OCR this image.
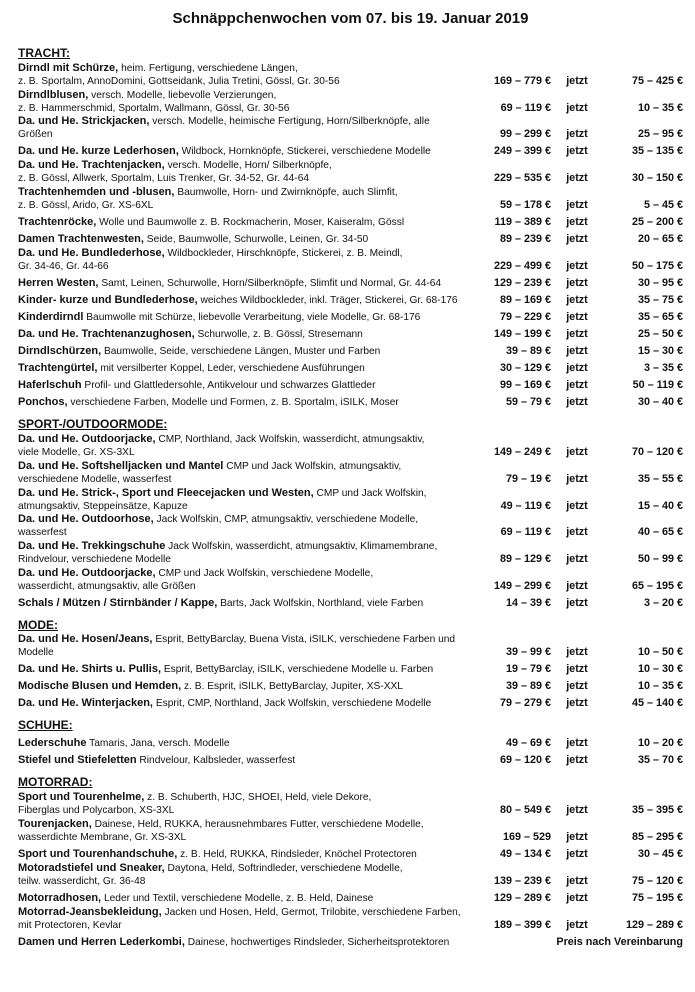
Schnäppchenwochen vom 07. bis 19. Januar 2019
TRACHT:
Dirndl mit Schürze, heim. Fertigung, verschiedene Längen,
z. B. Sportalm, AnnoDomini, Gottseidank, Julia Tretini, Gössl, Gr. 30-56	169 – 779 €	jetzt	75 – 425 €
Dirndlblusen, versch. Modelle, liebevolle Verzierungen,
z. B. Hammerschmid, Sportalm, Wallmann, Gössl, Gr. 30-56	69 – 119 €	jetzt	10 – 35 €
Da. und He. Strickjacken, versch. Modelle, heimische Fertigung, Horn/Silberknöpfe, alle Größen	99 – 299 €	jetzt	25 – 95 €
Da. und He. kurze Lederhosen, Wildbock, Hornknöpfe, Stickerei, verschiedene Modelle	249 – 399 €	jetzt	35 – 135 €
Da. und He. Trachtenjacken, versch. Modelle, Horn/ Silberknöpfe,
z. B. Gössl, Allwerk, Sportalm, Luis Trenker, Gr. 34-52, Gr. 44-64	229 – 535 €	jetzt	30 – 150 €
Trachtenhemden und -blusen, Baumwolle, Horn- und Zwirnknöpfe, auch Slimfit,
z. B. Gössl, Arido, Gr. XS-6XL	59 – 178 €	jetzt	5 – 45 €
Trachtenröcke, Wolle und Baumwolle z. B. Rockmacherin, Moser, Kaiseralm, Gössl	119 – 389 €	jetzt	25 – 200 €
Damen Trachtenwesten, Seide, Baumwolle, Schurwolle, Leinen, Gr. 34-50	89 – 239 €	jetzt	20 – 65 €
Da. und He. Bundlederhose, Wildbockleder, Hirschknöpfe, Stickerei, z. B. Meindl,
Gr. 34-46, Gr. 44-66	229 – 499 €	jetzt	50 – 175 €
Herren Westen, Samt, Leinen, Schurwolle, Horn/Silberknöpfe, Slimfit und Normal, Gr. 44-64	129 – 239 €	jetzt	30 – 95 €
Kinder- kurze und Bundlederhose, weiches Wildbockleder, inkl. Träger, Stickerei, Gr. 68-176	89 – 169 €	jetzt	35 – 75 €
Kinderdirndl Baumwolle mit Schürze, liebevolle Verarbeitung, viele Modelle, Gr. 68-176	79 – 229 €	jetzt	35 – 65 €
Da. und He. Trachtenanzughosen, Schurwolle, z. B. Gössl, Stresemann	149 – 199 €	jetzt	25 – 50 €
Dirndlschürzen, Baumwolle, Seide, verschiedene Längen, Muster und Farben	39 – 89 €	jetzt	15 – 30 €
Trachtengürtel, mit versilberter Koppel, Leder, verschiedene Ausführungen	30 – 129 €	jetzt	3 – 35 €
Haferlschuh Profil- und Glattledersohle, Antikvelour und schwarzes Glattleder	99 – 169 €	jetzt	50 – 119 €
Ponchos, verschiedene Farben, Modelle und Formen, z. B. Sportalm, iSILK, Moser	59 – 79 €	jetzt	30 – 40 €
SPORT-/OUTDOORMODE:
Da. und He. Outdoorjacke, CMP, Northland, Jack Wolfskin, wasserdicht, atmungsaktiv,
viele Modelle, Gr. XS-3XL	149 – 249 €	jetzt	70 – 120 €
Da. und He. Softshelljacken und Mantel CMP und Jack Wolfskin, atmungsaktiv,
verschiedene Modelle, wasserfest	79 – 19 €	jetzt	35 – 55 €
Da. und He. Strick-, Sport und Fleecejacken und Westen, CMP und Jack Wolfskin,
atmungsaktiv, Steppeinsätze, Kapuze	49 – 119 €	jetzt	15 – 40 €
Da. und He. Outdoorhose, Jack Wolfskin, CMP, atmungsaktiv, verschiedene Modelle, wasserfest	69 – 119 €	jetzt	40 – 65 €
Da. und He. Trekkingschuhe Jack Wolfskin, wasserdicht, atmungsaktiv, Klimamembrane,
Rindvelour, verschiedene Modelle	89 – 129 €	jetzt	50 – 99 €
Da. und He. Outdoorjacke, CMP und Jack Wolfskin, verschiedene Modelle,
wasserdicht, atmungsaktiv, alle Größen	149 – 299 €	jetzt	65 – 195 €
Schals / Mützen / Stirnbänder / Kappe, Barts, Jack Wolfskin, Northland, viele Farben	14 – 39 €	jetzt	3 – 20 €
MODE:
Da. und He. Hosen/Jeans, Esprit, BettyBarclay, Buena Vista, iSILK, verschiedene Farben und Modelle	39 – 99 €	jetzt	10 – 50 €
Da. und He. Shirts u. Pullis, Esprit, BettyBarclay, iSILK, verschiedene Modelle u. Farben	19 – 79 €	jetzt	10 – 30 €
Modische Blusen und Hemden, z. B. Esprit, iSILK, BettyBarclay, Jupiter, XS-XXL	39 – 89 €	jetzt	10 – 35 €
Da. und He. Winterjacken, Esprit, CMP, Northland, Jack Wolfskin, verschiedene Modelle	79 – 279 €	jetzt	45 – 140 €
SCHUHE:
Lederschuhe Tamaris, Jana, versch. Modelle	49 – 69 €	jetzt	10 – 20 €
Stiefel und Stiefeletten Rindvelour, Kalbsleder, wasserfest	69 – 120 €	jetzt	35 – 70 €
MOTORRAD:
Sport und Tourenhelme, z. B. Schuberth, HJC, SHOEI, Held, viele Dekore,
Fiberglas und Polycarbon, XS-3XL	80 – 549 €	jetzt	35 – 395 €
Tourenjacken, Dainese, Held, RUKKA, herausnehmbares Futter, verschiedene Modelle,
wasserdichte Membrane, Gr. XS-3XL	169 – 529	jetzt	85 – 295 €
Sport und Tourenhandschuhe, z. B. Held, RUKKA, Rindsleder, Knöchel Protectoren	49 – 134 €	jetzt	30 – 45 €
Motoradstiefel und Sneaker, Daytona, Held, Softrindleder, verschiedene Modelle,
teilw. wasserdicht, Gr. 36-48	139 – 239 €	jetzt	75 – 120 €
Motorradhosen, Leder und Textil, verschiedene Modelle, z. B. Held, Dainese	129 – 289 €	jetzt	75 – 195 €
Motorrad-Jeansbekleidung, Jacken und Hosen, Held, Germot, Trilobite, verschiedene Farben,
mit Protectoren, Kevlar	189 – 399 €	jetzt	129 – 289 €
Damen und Herren Lederkombi, Dainese, hochwertiges Rindsleder, Sicherheitsprotektoren	Preis nach Vereinbarung
